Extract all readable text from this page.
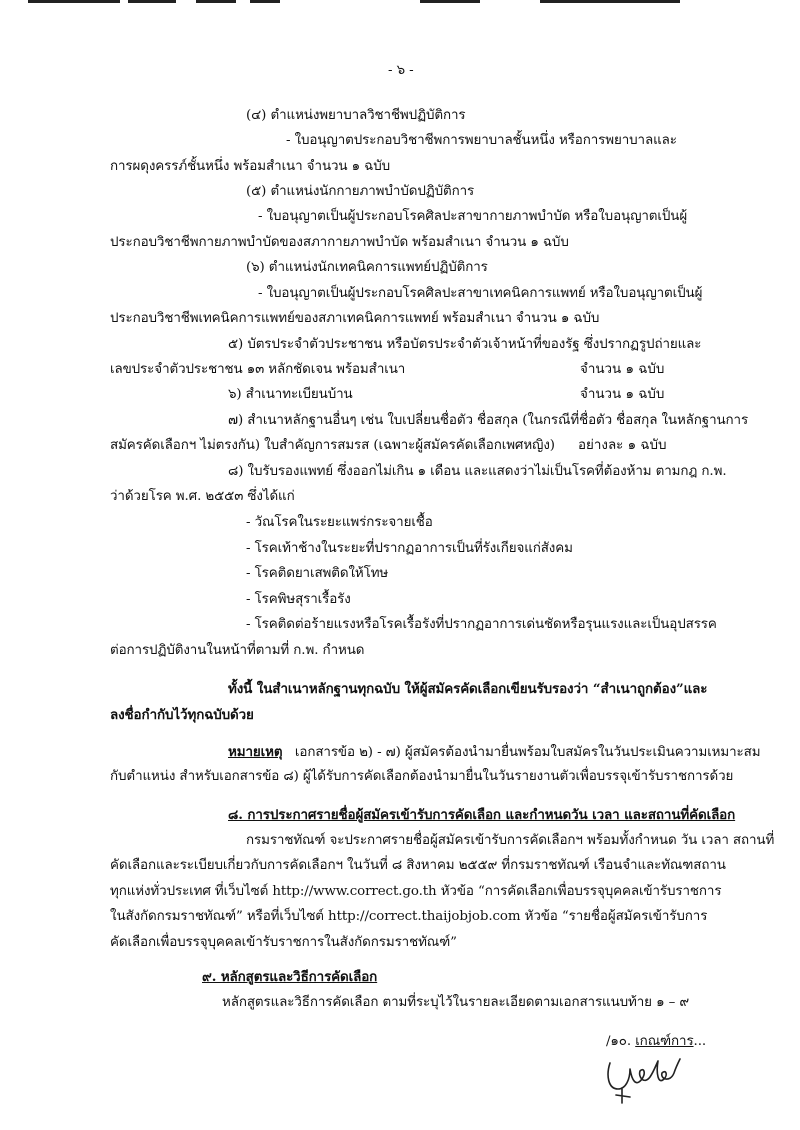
- ๖ -
(๔) ตำแหน่งพยาบาลวิชาชีพปฏิบัติการ
- ใบอนุญาตประกอบวิชาชีพการพยาบาลชั้นหนึ่ง หรือการพยาบาลและ
การผดุงครรภ์ชั้นหนึ่ง พร้อมสำเนา จำนวน ๑ ฉบับ
(๕) ตำแหน่งนักกายภาพบำบัดปฏิบัติการ
- ใบอนุญาตเป็นผู้ประกอบโรคศิลปะสาขากายภาพบำบัด หรือใบอนุญาตเป็นผู้
ประกอบวิชาชีพกายภาพบำบัดของสภากายภาพบำบัด พร้อมสำเนา จำนวน ๑ ฉบับ
(๖) ตำแหน่งนักเทคนิคการแพทย์ปฏิบัติการ
- ใบอนุญาตเป็นผู้ประกอบโรคศิลปะสาขาเทคนิคการแพทย์ หรือใบอนุญาตเป็นผู้
ประกอบวิชาชีพเทคนิคการแพทย์ของสภาเทคนิคการแพทย์ พร้อมสำเนา จำนวน ๑ ฉบับ
๕) บัตรประจำตัวประชาชน หรือบัตรประจำตัวเจ้าหน้าที่ของรัฐ ซึ่งปรากฏรูปถ่ายและ
เลขประจำตัวประชาชน ๑๓ หลักชัดเจน พร้อมสำเนา	จำนวน ๑ ฉบับ
๖) สำเนาทะเบียนบ้าน	จำนวน ๑ ฉบับ
๗) สำเนาหลักฐานอื่นๆ เช่น ใบเปลี่ยนชื่อตัว ชื่อสกุล (ในกรณีที่ชื่อตัว ชื่อสกุล ในหลักฐานการ
สมัครคัดเลือกฯ ไม่ตรงกัน) ใบสำคัญการสมรส (เฉพาะผู้สมัครคัดเลือกเพศหญิง) อย่างละ ๑ ฉบับ
๘) ใบรับรองแพทย์ ซึ่งออกไม่เกิน ๑ เดือน และแสดงว่าไม่เป็นโรคที่ต้องห้าม ตามกฎ ก.พ.
ว่าด้วยโรค พ.ศ. ๒๕๕๓ ซึ่งได้แก่
- วัณโรคในระยะแพร่กระจายเชื้อ
- โรคเท้าช้างในระยะที่ปรากฏอาการเป็นที่รังเกียจแก่สังคม
- โรคติดยาเสพติดให้โทษ
- โรคพิษสุราเรื้อรัง
- โรคติดต่อร้ายแรงหรือโรคเรื้อรังที่ปรากฏอาการเด่นชัดหรือรุนแรงและเป็นอุปสรรค
ต่อการปฏิบัติงานในหน้าที่ตามที่ ก.พ. กำหนด
ทั้งนี้ ในสำเนาหลักฐานทุกฉบับ ให้ผู้สมัครคัดเลือกเขียนรับรองว่า “สำเนาถูกต้อง”และ
ลงชื่อกำกับไว้ทุกฉบับด้วย
หมายเหตุ เอกสารข้อ ๒) - ๗) ผู้สมัครต้องนำมายื่นพร้อมใบสมัครในวันประเมินความเหมาะสม
กับตำแหน่ง สำหรับเอกสารข้อ ๘) ผู้ได้รับการคัดเลือกต้องนำมายื่นในวันรายงานตัวเพื่อบรรจุเข้ารับราชการด้วย
๘. การประกาศรายชื่อผู้สมัครเข้ารับการคัดเลือก และกำหนดวัน เวลา และสถานที่คัดเลือก
กรมราชทัณฑ์ จะประกาศรายชื่อผู้สมัครเข้ารับการคัดเลือกฯ พร้อมทั้งกำหนด วัน เวลา สถานที่
คัดเลือกและระเบียบเกี่ยวกับการคัดเลือกฯ ในวันที่ ๘ สิงหาคม ๒๕๕๙ ที่กรมราชทัณฑ์ เรือนจำและทัณฑสถาน
ทุกแห่งทั่วประเทศ ที่เว็บไซต์ http://www.correct.go.th หัวข้อ “การคัดเลือกเพื่อบรรจุบุคคลเข้ารับราชการ
ในสังกัดกรมราชทัณฑ์” หรือที่เว็บไซต์ http://correct.thaijobjob.com หัวข้อ “รายชื่อผู้สมัครเข้ารับการ
คัดเลือกเพื่อบรรจุบุคคลเข้ารับราชการในสังกัดกรมราชทัณฑ์”
๙. หลักสูตรและวิธีการคัดเลือก
หลักสูตรและวิธีการคัดเลือก ตามที่ระบุไว้ในรายละเอียดตามเอกสารแนบท้าย ๑ – ๙
/๑๐. เกณฑ์การ...
